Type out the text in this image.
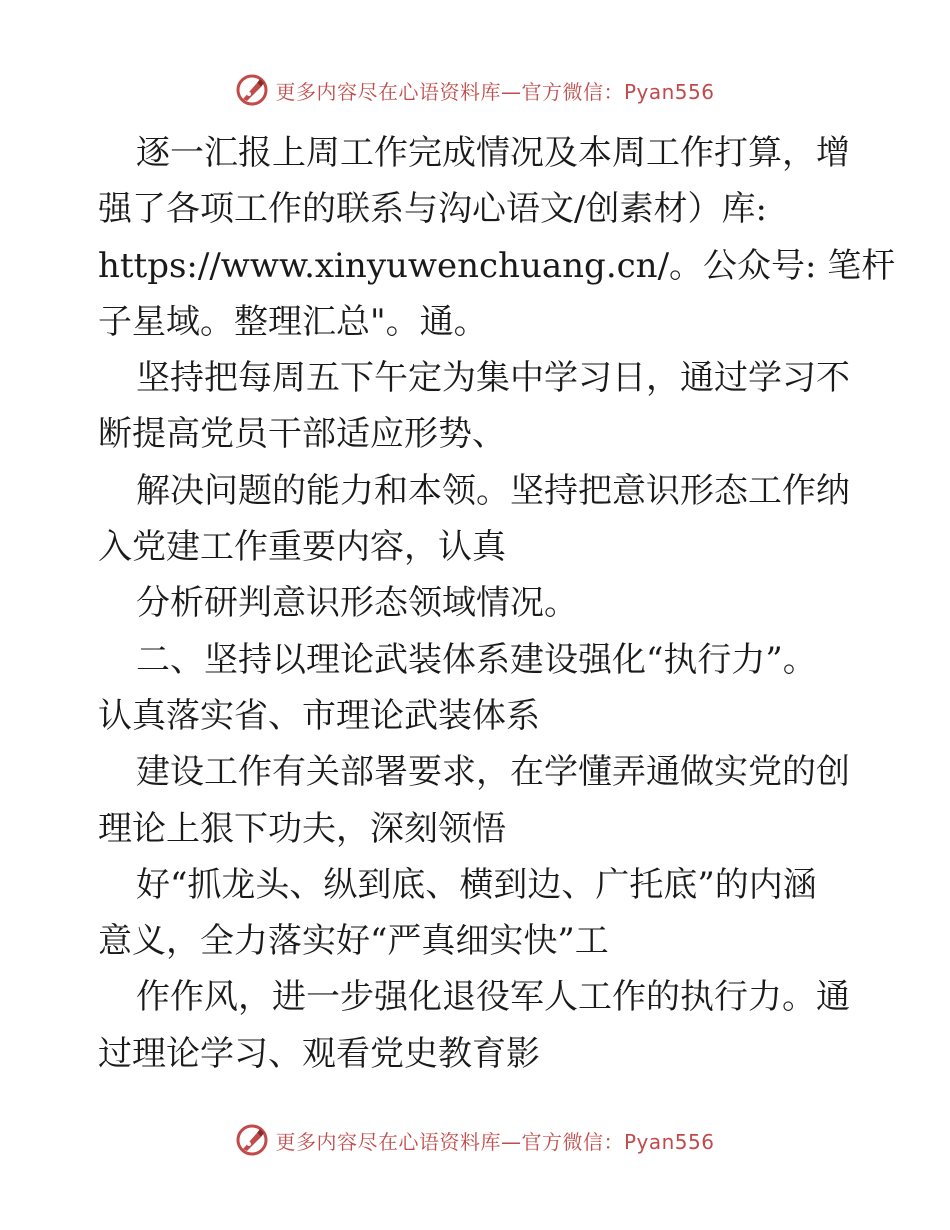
更多内容尽在心语资料库—官方微信：Pyan556
逐一汇报上周工作完成情况及本周工作打算，增
强了各项工作的联系与沟心语文/创素材）库:
https://www.xinyuwenchuang.cn/。公众号: 笔杆
子星域。整理汇总"。通。
坚持把每周五下午定为集中学习日，通过学习不
断提高党员干部适应形势、
解决问题的能力和本领。坚持把意识形态工作纳
入党建工作重要内容，认真
分析研判意识形态领域情况。
二、坚持以理论武装体系建设强化“执行力”。
认真落实省、市理论武装体系
建设工作有关部署要求，在学懂弄通做实党的创
理论上狠下功夫，深刻领悟
好“抓龙头、纵到底、横到边、广托底”的内涵
意义，全力落实好“严真细实快”工
作作风，进一步强化退役军人工作的执行力。通
过理论学习、观看党史教育影
更多内容尽在心语资料库—官方微信：Pyan556
